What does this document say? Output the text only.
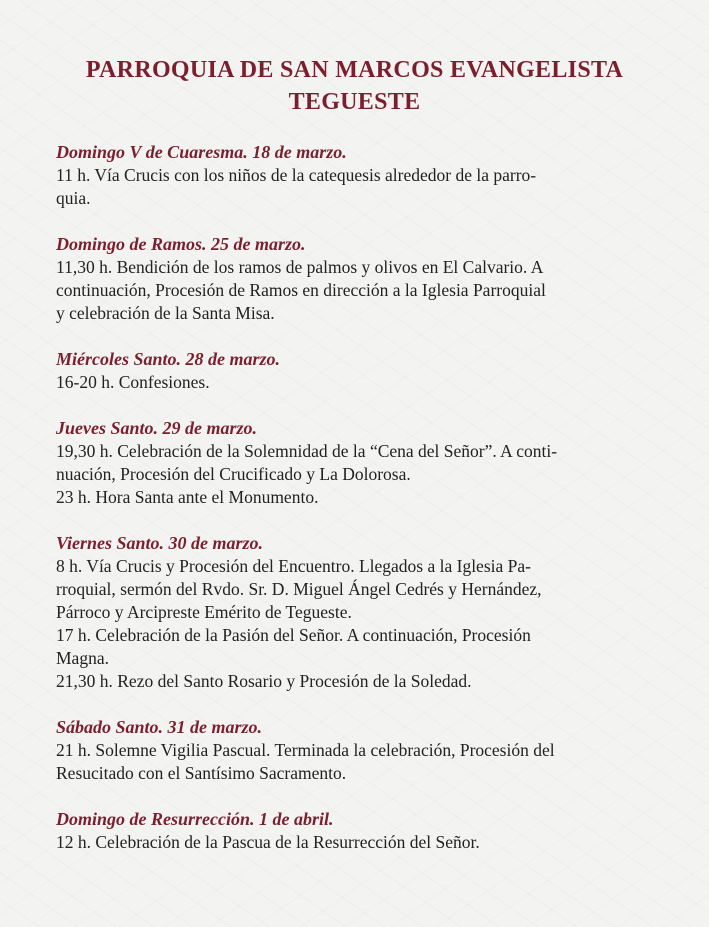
PARROQUIA DE SAN MARCOS EVANGELISTA
TEGUESTE
Domingo V de Cuaresma. 18 de marzo.
11 h. Vía Crucis con los niños de la catequesis alrededor de la parro-
quia.
Domingo de Ramos. 25 de marzo.
11,30 h. Bendición de los ramos de palmos y olivos en El Calvario. A
continuación, Procesión de Ramos en dirección a la Iglesia Parroquial
y celebración de la Santa Misa.
Miércoles Santo. 28 de marzo.
16-20 h. Confesiones.
Jueves Santo. 29 de marzo.
19,30 h. Celebración de la Solemnidad de la “Cena del Señor”. A conti-
nuación, Procesión del Crucificado y La Dolorosa.
23 h. Hora Santa ante el Monumento.
Viernes Santo. 30 de marzo.
8 h. Vía Crucis y Procesión del Encuentro. Llegados a la Iglesia Pa-
rroquial, sermón del Rvdo. Sr. D. Miguel Ángel Cedrés y Hernández,
Párroco y Arcipreste Emérito de Tegueste.
17 h. Celebración de la Pasión del Señor. A continuación, Procesión
Magna.
21,30 h. Rezo del Santo Rosario y Procesión de la Soledad.
Sábado Santo. 31 de marzo.
21 h. Solemne Vigilia Pascual. Terminada la celebración, Procesión del
Resucitado con el Santísimo Sacramento.
Domingo de Resurrección. 1 de abril.
12 h. Celebración de la Pascua de la Resurrección del Señor.
